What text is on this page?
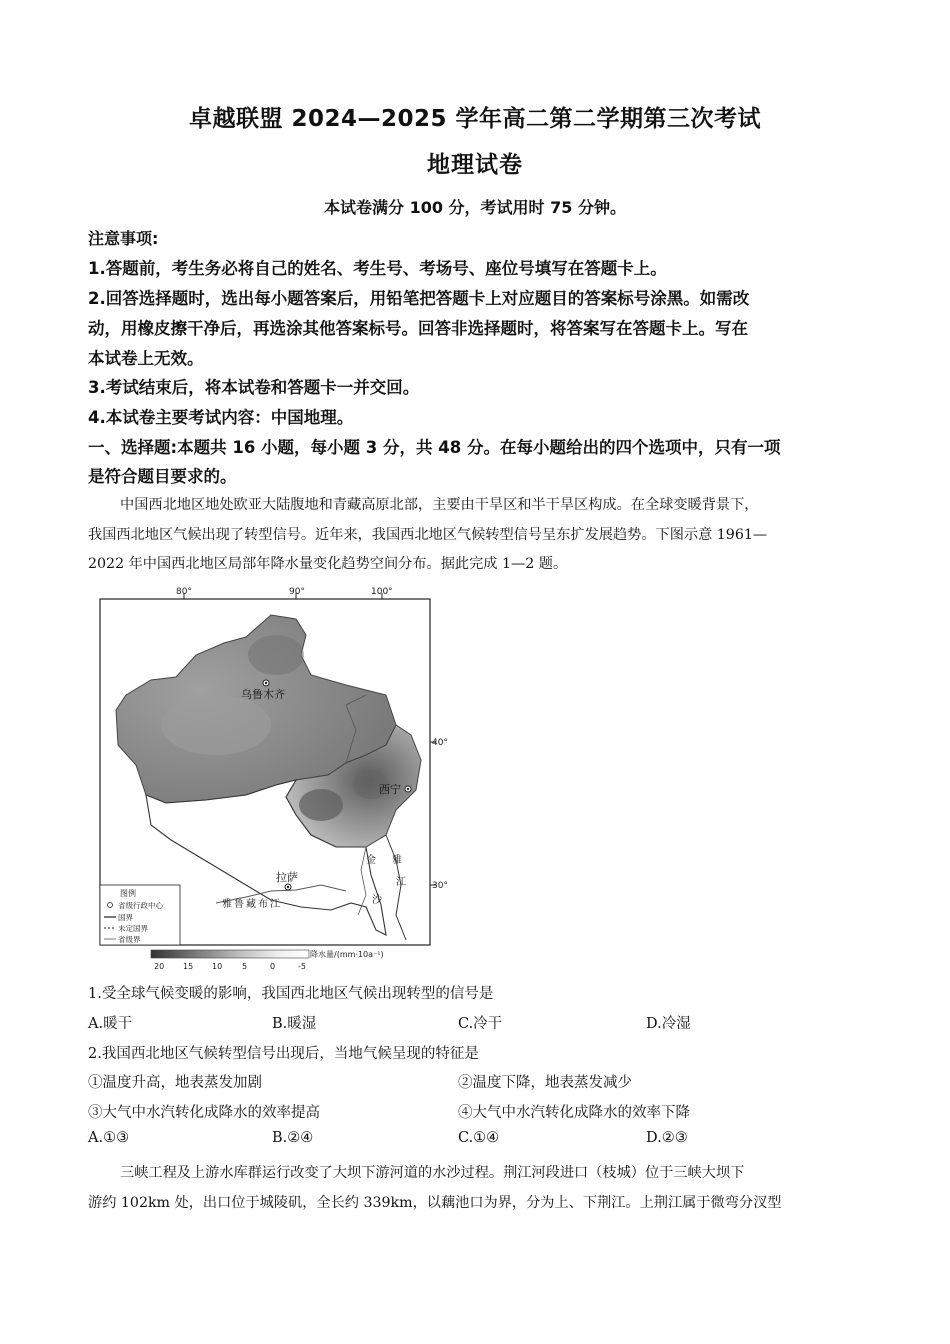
卓越联盟 2024—2025 学年高二第二学期第三次考试
地理试卷
本试卷满分 100 分，考试用时 75 分钟。
注意事项:
1.答题前，考生务必将自己的姓名、考生号、考场号、座位号填写在答题卡上。
2.回答选择题时，选出每小题答案后，用铅笔把答题卡上对应题目的答案标号涂黑。如需改
动，用橡皮擦干净后，再选涂其他答案标号。回答非选择题时，将答案写在答题卡上。写在
本试卷上无效。
3.考试结束后，将本试卷和答题卡一并交回。
4.本试卷主要考试内容：中国地理。
一、选择题:本题共 16 小题，每小题 3 分，共 48 分。在每小题给出的四个选项中，只有一项
是符合题目要求的。
中国西北地区地处欧亚大陆腹地和青藏高原北部，主要由干旱区和半干旱区构成。在全球变暖背景下，
我国西北地区气候出现了转型信号。近年来，我国西北地区气候转型信号呈东扩发展趋势。下图示意 1961—
2022 年中国西北地区局部年降水量变化趋势空间分布。据此完成 1—2 题。
80°	90°	100°
40°
30°
乌鲁木齐
西宁
拉萨
雅鲁藏布江
金
沙
雅
江
图例
省级行政中心
国界
未定国界
省级界
20 15 10 5	0	-5
降水量/(mm·10a⁻¹)
1.受全球气候变暖的影响，我国西北地区气候出现转型的信号是
A.暖干	B.暖湿	C.冷干	D.冷湿
2.我国西北地区气候转型信号出现后，当地气候呈现的特征是
①温度升高，地表蒸发加剧	②温度下降，地表蒸发减少
③大气中水汽转化成降水的效率提高	④大气中水汽转化成降水的效率下降
A.①③	B.②④	C.①④	D.②③
三峡工程及上游水库群运行改变了大坝下游河道的水沙过程。荆江河段进口（枝城）位于三峡大坝下
游约 102km 处，出口位于城陵矶，全长约 339km，以藕池口为界，分为上、下荆江。上荆江属于微弯分汊型
